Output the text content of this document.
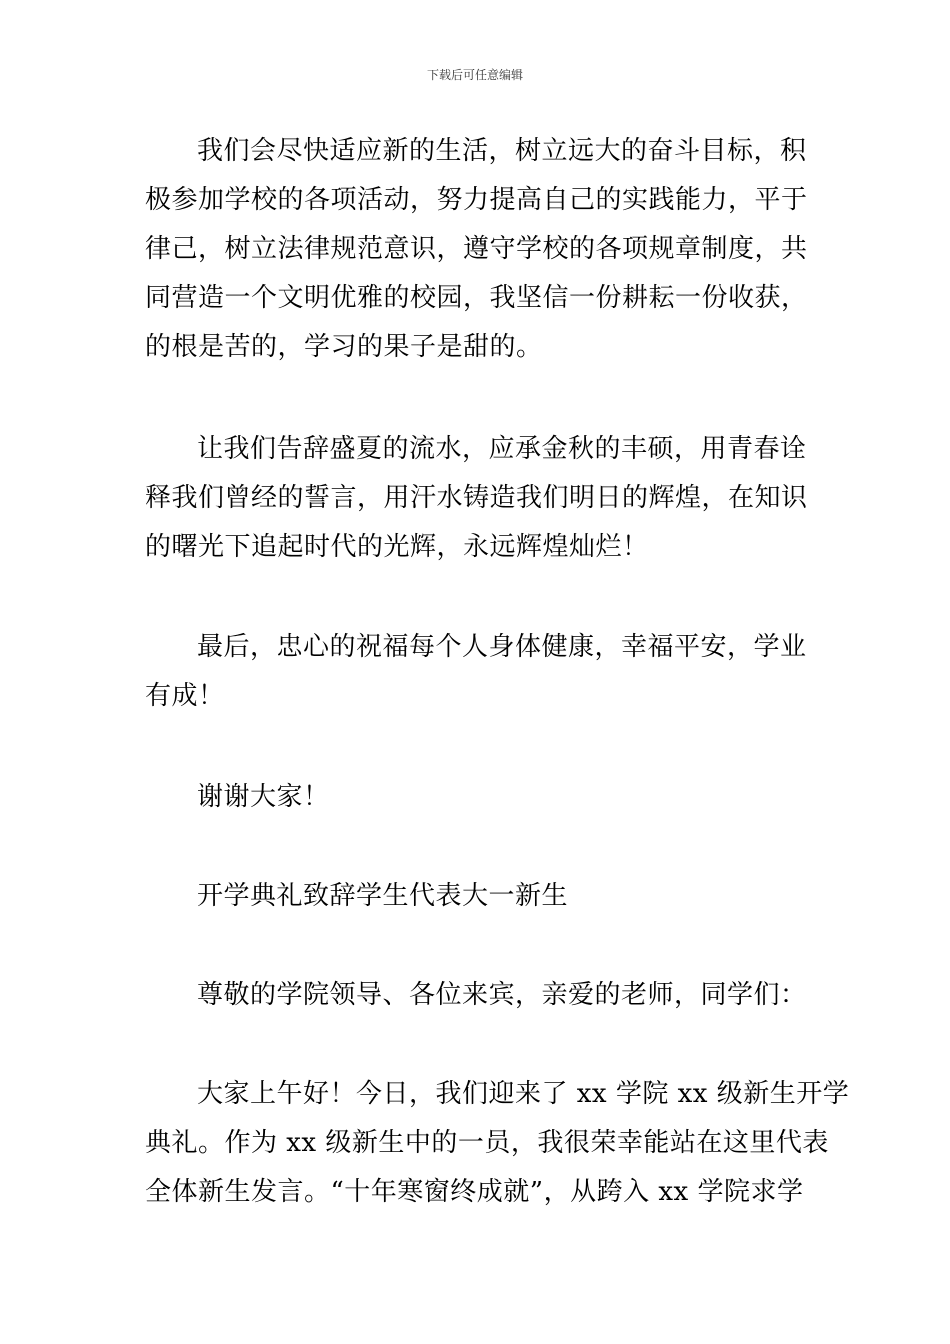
下载后可任意编辑
我们会尽快适应新的生活，树立远大的奋斗目标，积
极参加学校的各项活动，努力提高自己的实践能力，平于
律己，树立法律规范意识，遵守学校的各项规章制度，共
同营造一个文明优雅的校园，我坚信一份耕耘一份收获，
的根是苦的，学习的果子是甜的。
让我们告辞盛夏的流水，应承金秋的丰硕，用青春诠
释我们曾经的誓言，用汗水铸造我们明日的辉煌，在知识
的曙光下追起时代的光辉，永远辉煌灿烂！
最后，忠心的祝福每个人身体健康，幸福平安，学业
有成！
谢谢大家！
开学典礼致辞学生代表大一新生
尊敬的学院领导、各位来宾，亲爱的老师，同学们：
大家上午好！今日，我们迎来了 xx 学院 xx 级新生开学
典礼。作为 xx 级新生中的一员，我很荣幸能站在这里代表
全体新生发言。“十年寒窗终成就”，从跨入 xx 学院求学
